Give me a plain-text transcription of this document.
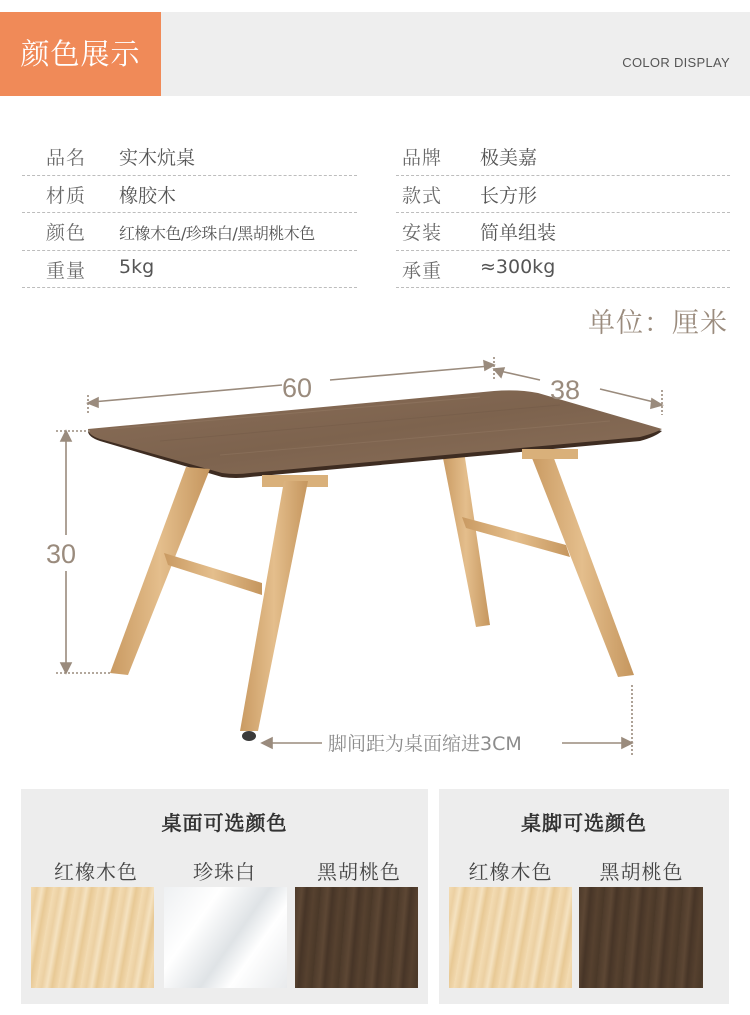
颜色展示	COLOR DISPLAY
品名 实木炕桌
材质 橡胶木
颜色 红橡木色/珍珠白/黑胡桃木色
重量 5kg
品牌 极美嘉
款式 长方形
安装 简单组装
承重 ≈300kg
单位：厘米
60	38
30
脚间距为桌面缩进3CM
桌面可选颜色
红橡木色	珍珠白	黑胡桃色
桌脚可选颜色
红橡木色	黑胡桃色
